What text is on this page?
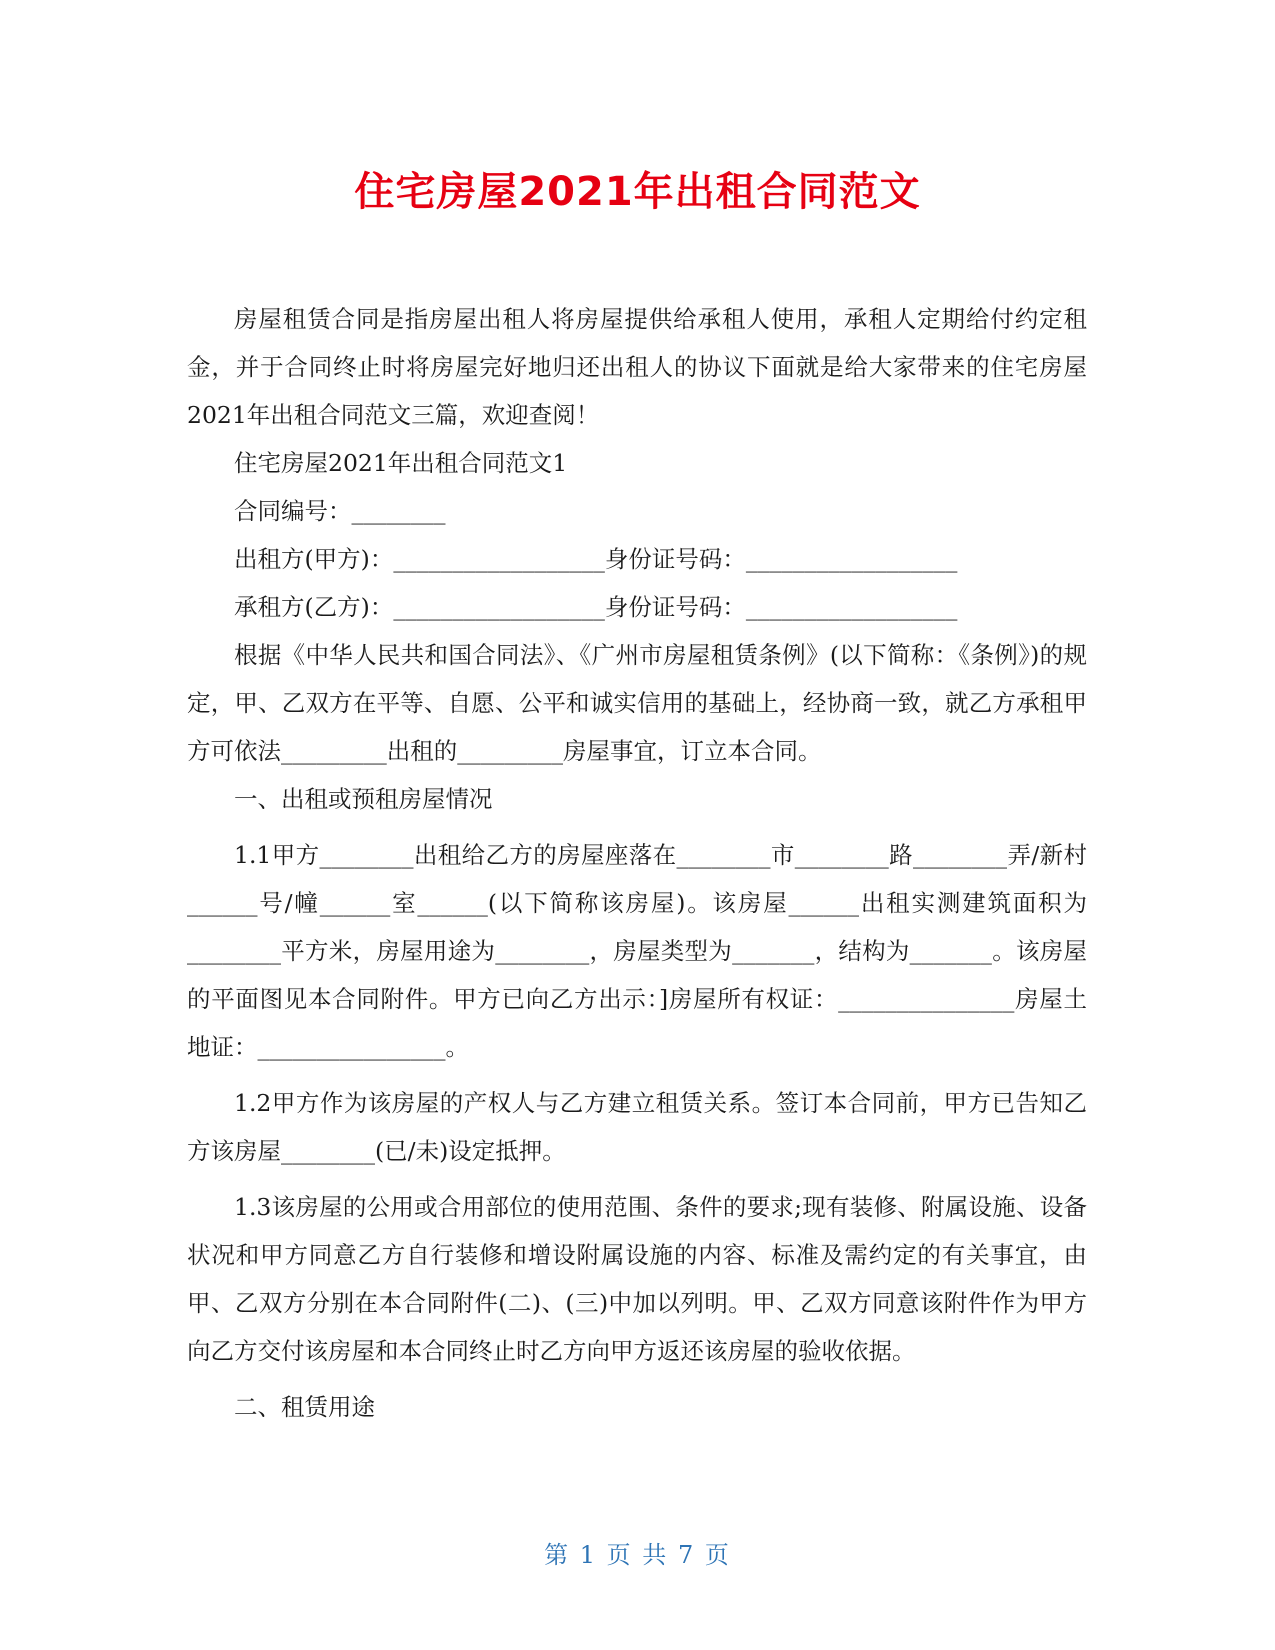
住宅房屋2021年出租合同范文

房屋租赁合同是指房屋出租人将房屋提供给承租人使用，承租人定期给付约定租金，并于合同终止时将房屋完好地归还出租人的协议下面就是给大家带来的住宅房屋2021年出租合同范文三篇，欢迎查阅！

住宅房屋2021年出租合同范文1

合同编号：________

出租方(甲方)：__________________身份证号码：__________________

承租方(乙方)：__________________身份证号码：__________________

根据《中华人民共和国合同法》、《广州市房屋租赁条例》(以下简称：《条例》)的规定，甲、乙双方在平等、自愿、公平和诚实信用的基础上，经协商一致，就乙方承租甲方可依法_________出租的_________房屋事宜，订立本合同。

一、出租或预租房屋情况

1.1甲方________出租给乙方的房屋座落在________市________路________弄/新村______号/幢______室______(以下简称该房屋)。该房屋______出租实测建筑面积为________平方米，房屋用途为________，房屋类型为_______，结构为_______。该房屋的平面图见本合同附件。甲方已向乙方出示：]房屋所有权证：_______________房屋土地证：________________。

1.2甲方作为该房屋的产权人与乙方建立租赁关系。签订本合同前，甲方已告知乙方该房屋________(已/未)设定抵押。

1.3该房屋的公用或合用部位的使用范围、条件的要求;现有装修、附属设施、设备状况和甲方同意乙方自行装修和增设附属设施的内容、标准及需约定的有关事宜，由甲、乙双方分别在本合同附件(二)、(三)中加以列明。甲、乙双方同意该附件作为甲方向乙方交付该房屋和本合同终止时乙方向甲方返还该房屋的验收依据。

二、租赁用途

第 1 页 共 7 页
